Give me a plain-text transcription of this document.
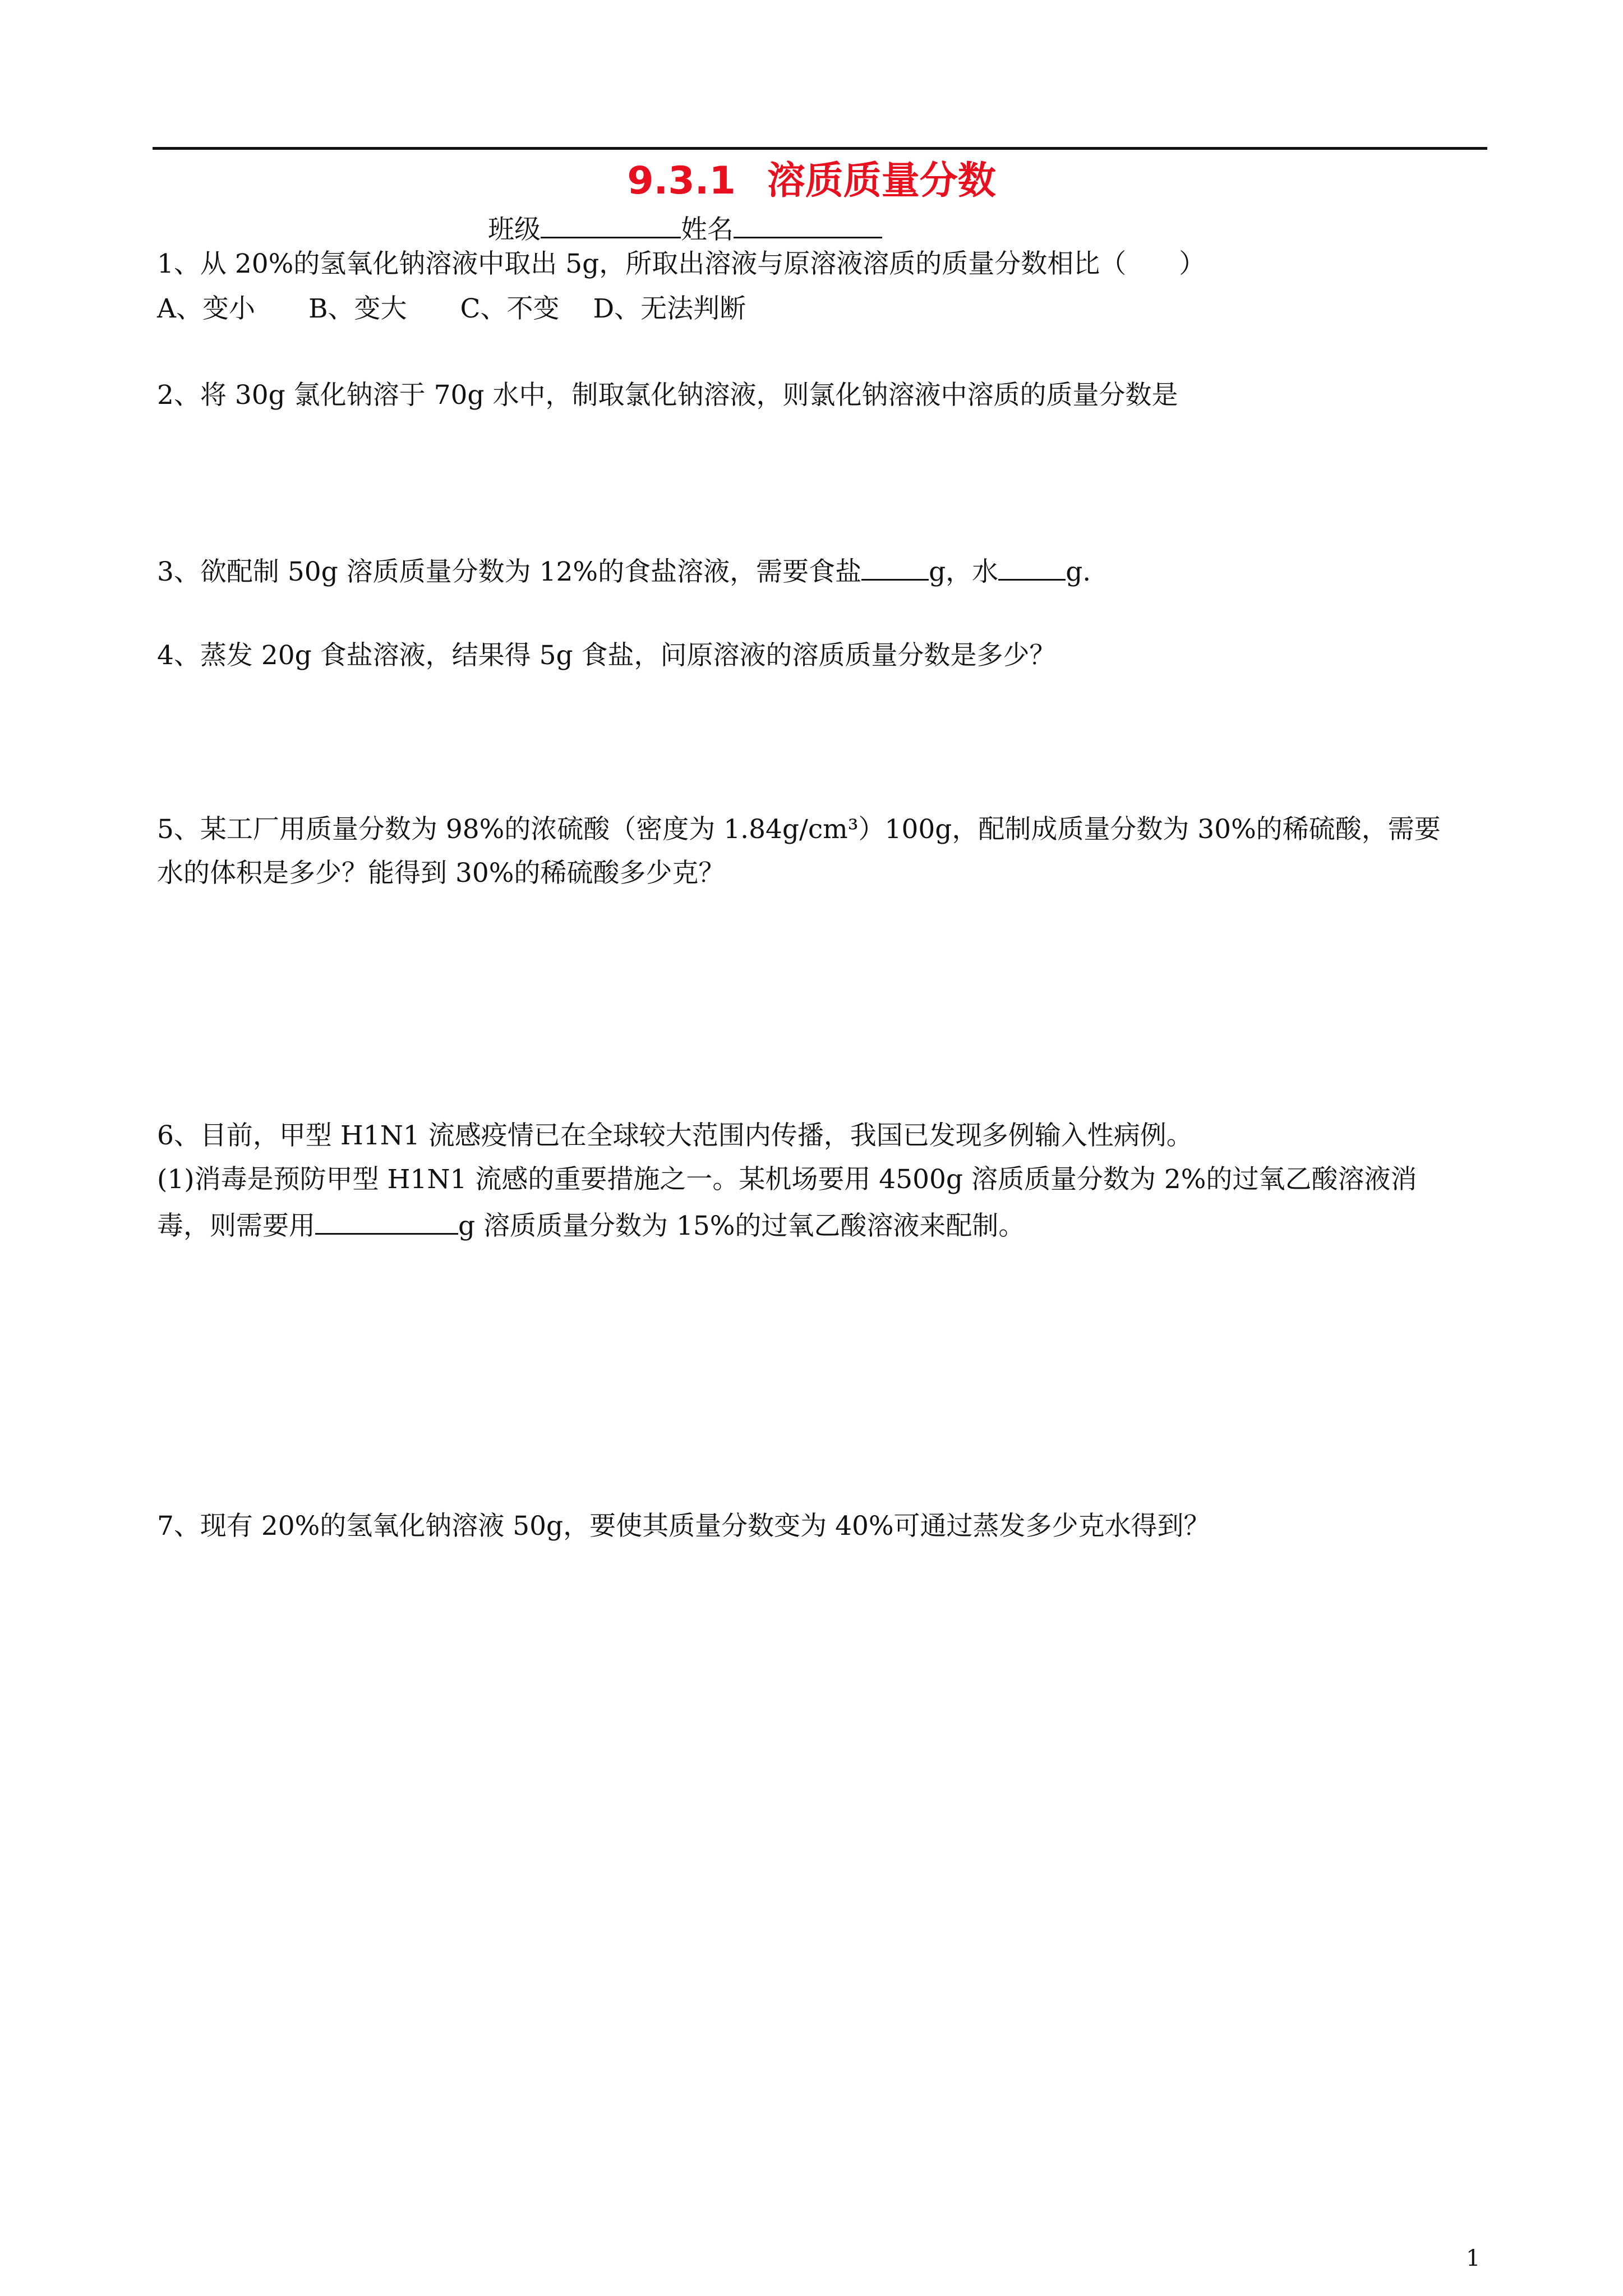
9.3.1 溶质质量分数
班级	姓名
1、从 20%的氢氧化钠溶液中取出 5g，所取出溶液与原溶液溶质的质量分数相比（　　）
A、变小 B、变大 C、不变 D、无法判断
2、将 30g 氯化钠溶于 70g 水中，制取氯化钠溶液，则氯化钠溶液中溶质的质量分数是
3、欲配制 50g 溶质质量分数为 12%的食盐溶液，需要食盐	g，水	g.
4、蒸发 20g 食盐溶液，结果得 5g 食盐，问原溶液的溶质质量分数是多少？
5、某工厂用质量分数为 98%的浓硫酸（密度为 1.84g/cm³）100g，配制成质量分数为 30%的稀硫酸，需要
水的体积是多少？能得到 30%的稀硫酸多少克？
6、目前，甲型 H1N1 流感疫情已在全球较大范围内传播，我国已发现多例输入性病例。
(1)消毒是预防甲型 H1N1 流感的重要措施之一。某机场要用 4500g 溶质质量分数为 2%的过氧乙酸溶液消
毒，则需要用	g 溶质质量分数为 15%的过氧乙酸溶液来配制。
7、现有 20%的氢氧化钠溶液 50g，要使其质量分数变为 40%可通过蒸发多少克水得到？
1
